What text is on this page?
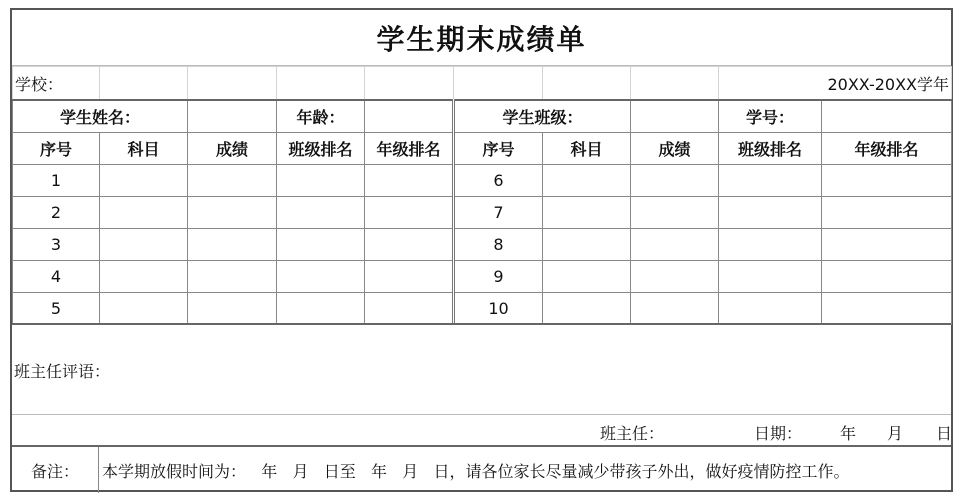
学生期末成绩单
学校：								20XX-20XX学年	
学生姓名：			年龄：		学生班级：			学号：	
序号	科目	成绩	班级排名	年级排名	序号	科目	成绩	班级排名	年级排名
1					6				
2					7				
3					8				
4					9				
5					10				
班主任评语：
班主任：	日期： 年 月 日
备注：	本学期放假时间为：   年   月   日至   年   月   日，请各位家长尽量减少带孩子外出，做好疫情防控工作。
